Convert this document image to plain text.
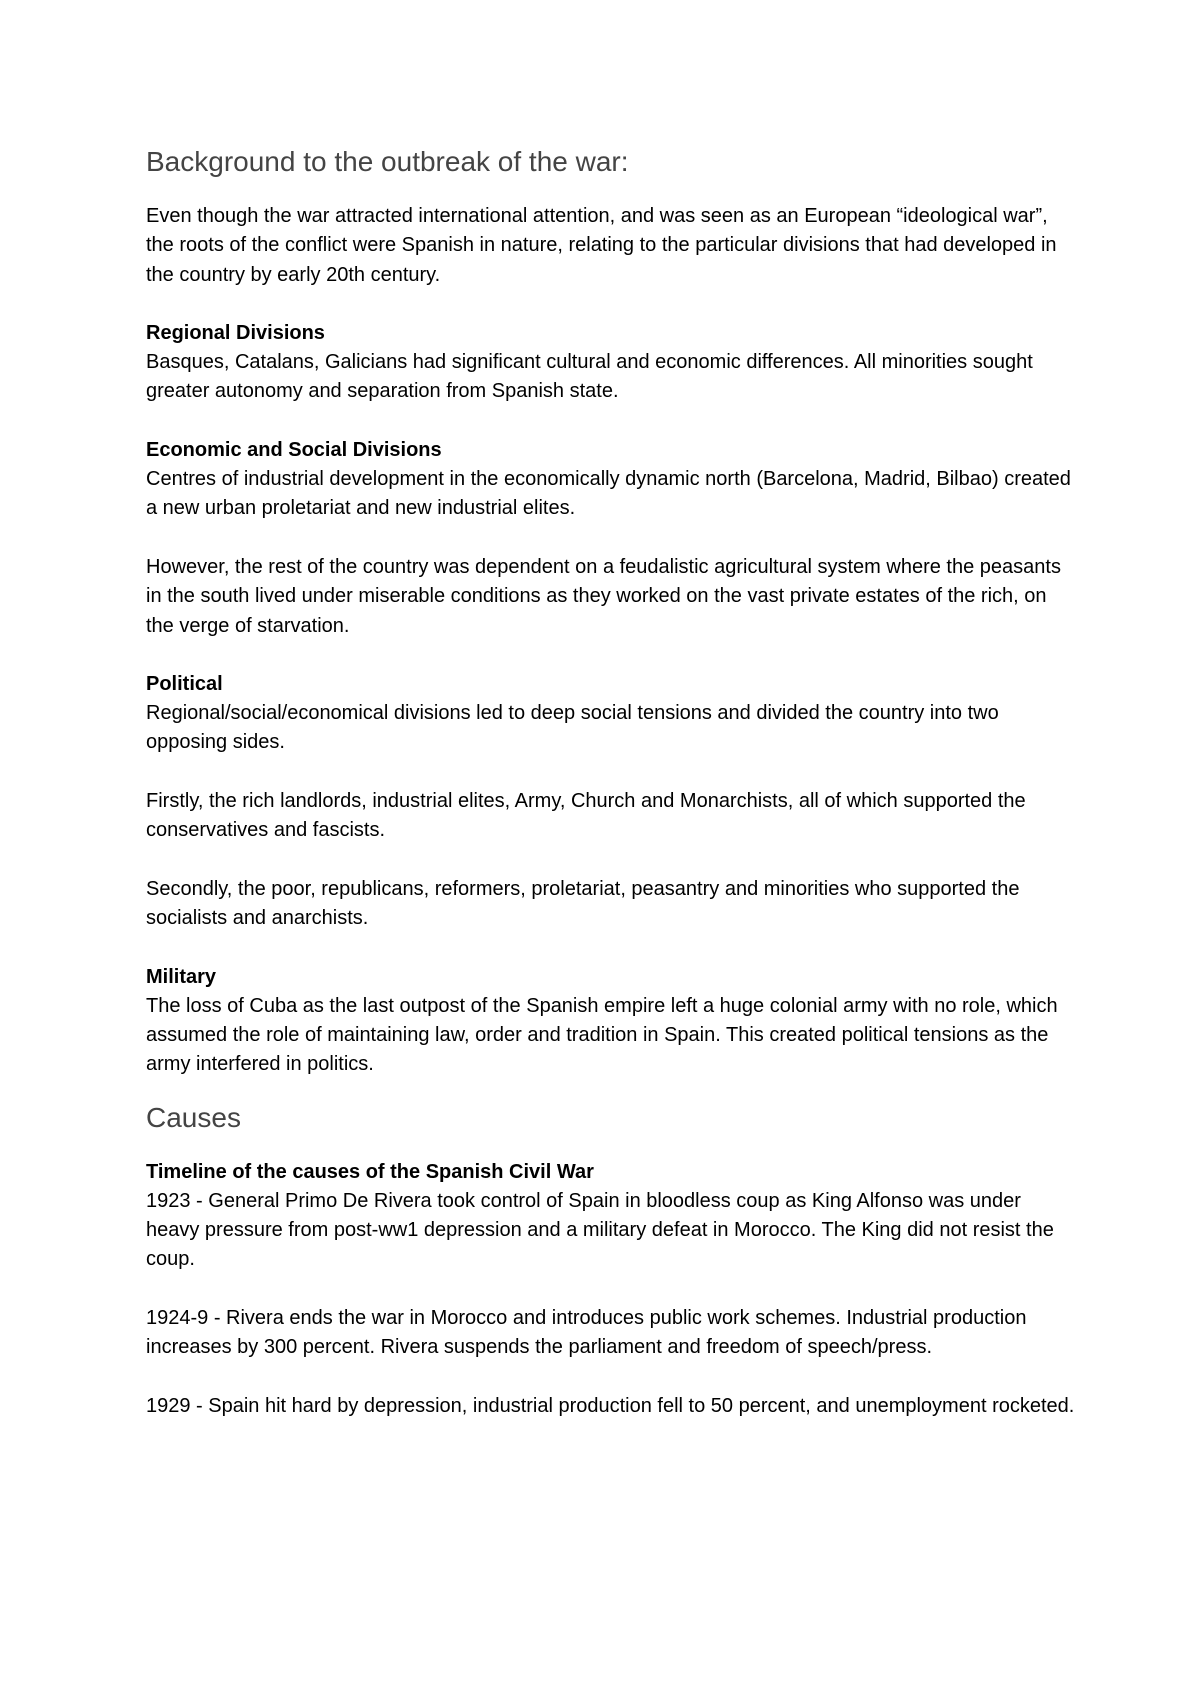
Background to the outbreak of the war:

Even though the war attracted international attention, and was seen as an European “ideological war”, the roots of the conflict were Spanish in nature, relating to the particular divisions that had developed in the country by early 20th century.

Regional Divisions

Basques, Catalans, Galicians had significant cultural and economic differences. All minorities sought greater autonomy and separation from Spanish state.

Economic and Social Divisions

Centres of industrial development in the economically dynamic north (Barcelona, Madrid, Bilbao) created a new urban proletariat and new industrial elites.

However, the rest of the country was dependent on a feudalistic agricultural system where the peasants in the south lived under miserable conditions as they worked on the vast private estates of the rich, on the verge of starvation.

Political

Regional/social/economical divisions led to deep social tensions and divided the country into two opposing sides.

Firstly, the rich landlords, industrial elites, Army, Church and Monarchists, all of which supported the conservatives and fascists.

Secondly, the poor, republicans, reformers, proletariat, peasantry and minorities who supported the socialists and anarchists.

Military

The loss of Cuba as the last outpost of the Spanish empire left a huge colonial army with no role, which assumed the role of maintaining law, order and tradition in Spain. This created political tensions as the army interfered in politics.

Causes
Timeline of the causes of the Spanish Civil War

1923 - General Primo De Rivera took control of Spain in bloodless coup as King Alfonso was under heavy pressure from post-ww1 depression and a military defeat in Morocco. The King did not resist the coup.

1924-9 - Rivera ends the war in Morocco and introduces public work schemes. Industrial production increases by 300 percent. Rivera suspends the parliament and freedom of speech/press.

1929 - Spain hit hard by depression, industrial production fell to 50 percent, and unemployment rocketed.
